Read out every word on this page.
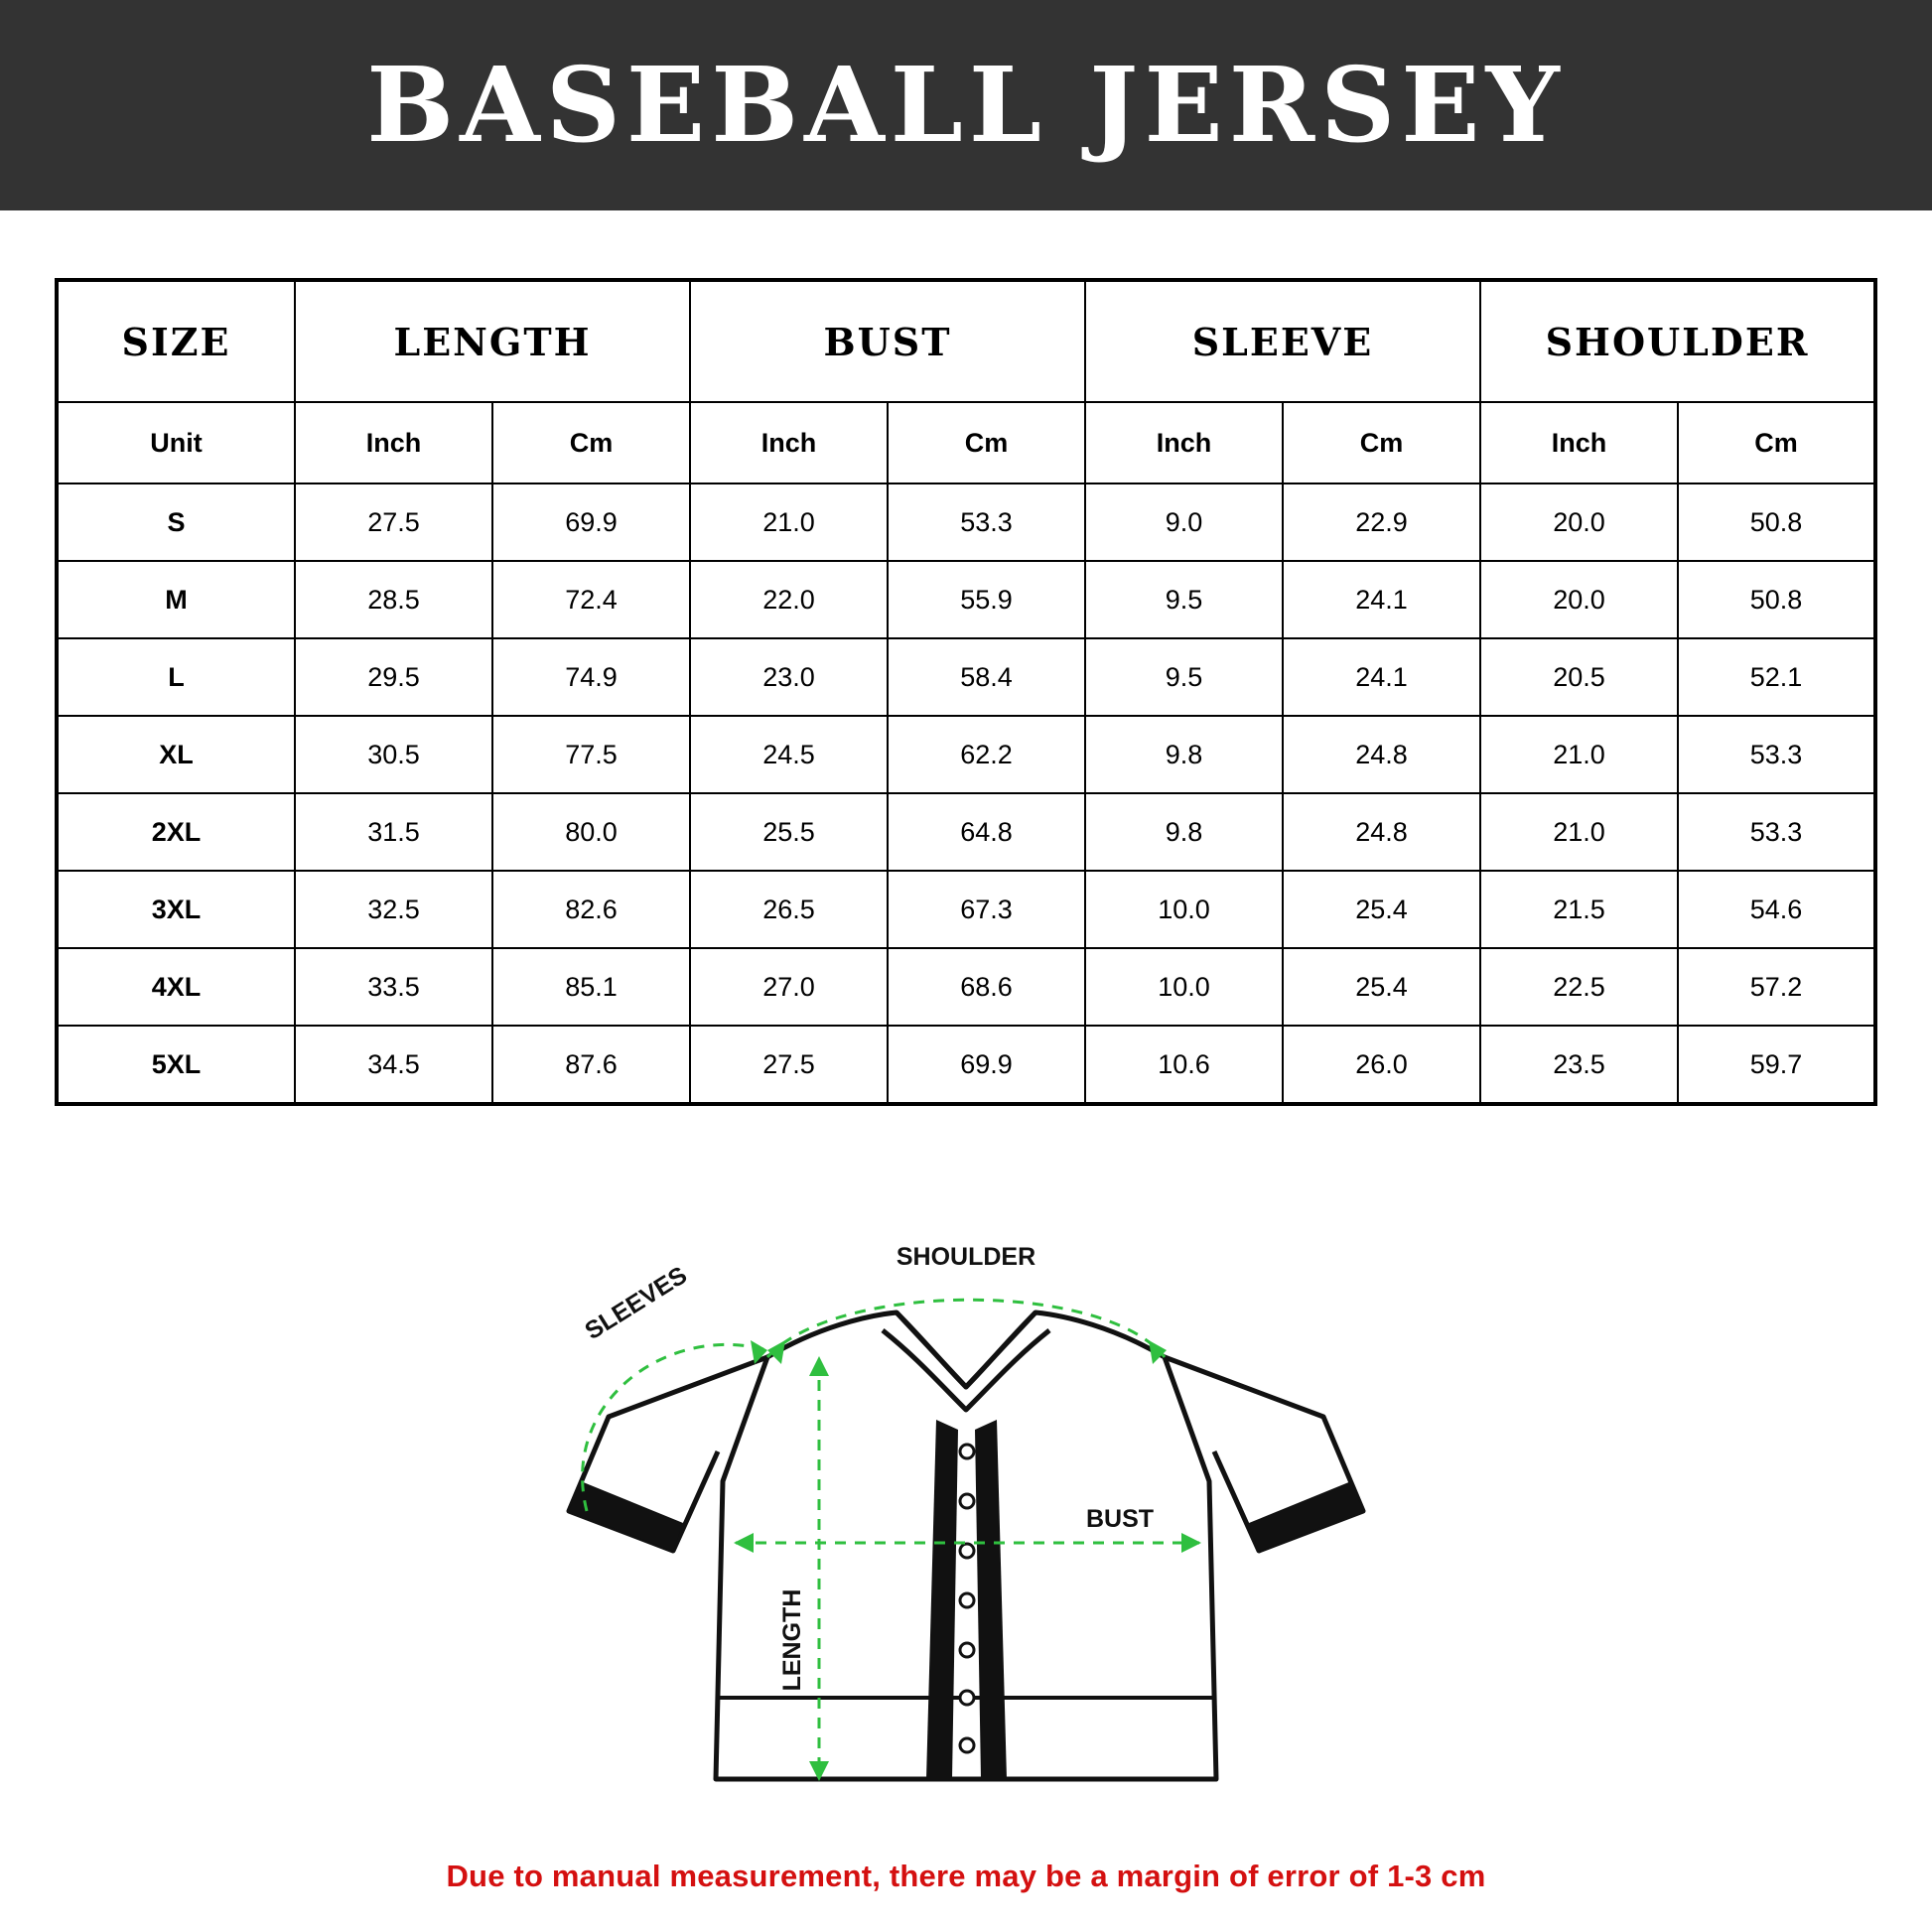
BASEBALL JERSEY
SIZE	LENGTH		BUST		SLEEVE		SHOULDER	
Unit	Inch	Cm	Inch	Cm	Inch	Cm	Inch	Cm
S	27.5	69.9	21.0	53.3	9.0	22.9	20.0	50.8
M	28.5	72.4	22.0	55.9	9.5	24.1	20.0	50.8
L	29.5	74.9	23.0	58.4	9.5	24.1	20.5	52.1
XL	30.5	77.5	24.5	62.2	9.8	24.8	21.0	53.3
2XL	31.5	80.0	25.5	64.8	9.8	24.8	21.0	53.3
3XL	32.5	82.6	26.5	67.3	10.0	25.4	21.5	54.6
4XL	33.5	85.1	27.0	68.6	10.0	25.4	22.5	57.2
5XL	34.5	87.6	27.5	69.9	10.6	26.0	23.5	59.7
SHOULDER
SLEEVES
BUST
LENGTH
Due to manual measurement, there may be a margin of error of 1-3 cm
